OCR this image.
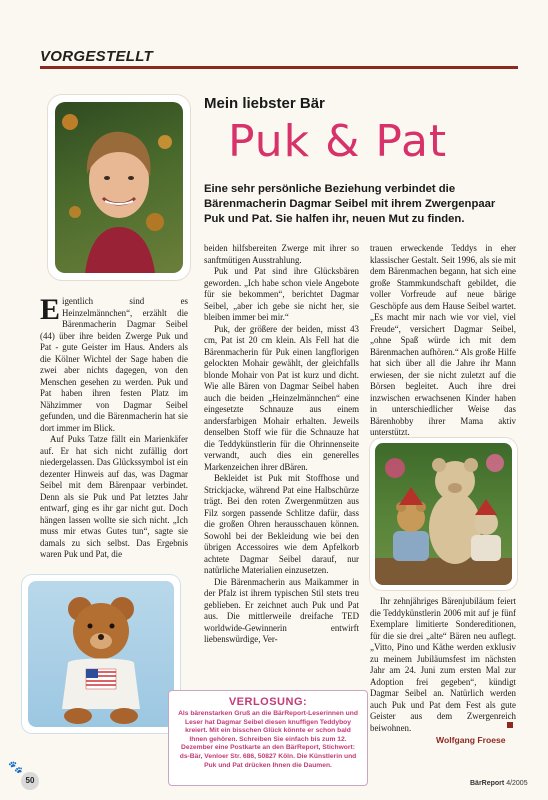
VORGESTELLT
Mein liebster Bär
Puk & Pat
Eine sehr persönliche Beziehung verbindet die Bärenmacherin Dagmar Seibel mit ihrem Zwergenpaar Puk und Pat. Sie halfen ihr, neuen Mut zu finden.
E igentlich sind es Heinzelmännchen“, erzählt die Bärenmacherin Dagmar Seibel (44) über ihre beiden Zwerge Puk und Pat - gute Geister im Haus. Anders als die Kölner Wichtel der Sage haben die zwei aber nichts dagegen, von den Menschen gesehen zu werden. Puk und Pat haben ihren festen Platz im Nähzimmer von Dagmar Seibel gefunden, und die Bärenmacherin hat sie dort immer im Blick.

Auf Puks Tatze fällt ein Marienkäfer auf. Er hat sich nicht zufällig dort niedergelassen. Das Glückssymbol ist ein dezenter Hinweis auf das, was Dagmar Seibel mit dem Bärenpaar verbindet. Denn als sie Puk und Pat letztes Jahr entwarf, ging es ihr gar nicht gut. Doch hängen lassen wollte sie sich nicht. „Ich muss mir etwas Gutes tun“, sagte sie damals zu sich selbst. Das Ergebnis waren Puk und Pat, die

beiden hilfsbereiten Zwerge mit ihrer so sanftmütigen Ausstrahlung.

Puk und Pat sind ihre Glücksbären geworden. „Ich habe schon viele Angebote für sie bekommen“, berichtet Dagmar Seibel, „aber ich gebe sie nicht her, sie bleiben immer bei mir.“

Puk, der größere der beiden, misst 43 cm, Pat ist 20 cm klein. Als Fell hat die Bärenmacherin für Puk einen langflorigen gelockten Mohair gewählt, der gleichfalls blonde Mohair von Pat ist kurz und dicht. Wie alle Bären von Dagmar Seibel haben auch die beiden „Heinzelmännchen“ eine eingesetzte Schnauze aus einem andersfarbigen Mohair erhalten. Jeweils denselben Stoff wie für die Schnauze hat die Teddykünstlerin für die Ohrinnenseite verwandt, auch dies ein generelles Markenzeichen ihrer dBären.

Bekleidet ist Puk mit Stoffhose und Strickjacke, während Pat eine Halbschürze trägt. Bei den roten Zwergenmützen aus Filz sorgen passende Schlitze dafür, dass die großen Ohren herausschauen können. Sowohl bei der Bekleidung wie bei den übrigen Accessoires wie dem Apfelkorb achtete Dagmar Seibel darauf, nur natürliche Materialien einzusetzen.

Die Bärenmacherin aus Maikammer in der Pfalz ist ihrem typischen Stil stets treu geblieben. Er zeichnet auch Puk und Pat aus. Die mittlerweile dreifache TED worldwide-Gewinnerin entwirft liebenswürdige, Ver-

trauen erweckende Teddys in eher klassischer Gestalt. Seit 1996, als sie mit dem Bärenmachen begann, hat sich eine große Stammkundschaft gebildet, die voller Vorfreude auf neue bärige Geschöpfe aus dem Hause Seibel wartet. „Es macht mir nach wie vor viel, viel Freude“, versichert Dagmar Seibel, „ohne Spaß würde ich mit dem Bärenmachen aufhören.“ Als große Hilfe hat sich über all die Jahre ihr Mann erwiesen, der sie nicht zuletzt auf die Börsen begleitet. Auch ihre drei inzwischen erwachsenen Kinder haben in unterschiedlicher Weise das Bärenhobby ihrer Mama aktiv unterstützt.

Ihr zehnjähriges Bärenjubiläum feiert die Teddykünstlerin 2006 mit auf je fünf Exemplare limitierte Sondereditionen, für die sie drei „alte“ Bären neu auflegt. „Vitto, Pino und Käthe werden exklusiv zu meinem Jubiläumsfest im nächsten Jahr am 24. Juni zum ersten Mal zur Adoption frei gegeben“, kündigt Dagmar Seibel an. Natürlich werden auch Puk und Pat dem Fest als gute Geister aus dem Zwergenreich beiwohnen.

Wolfgang Froese
VERLOSUNG:
Als bärenstarken Gruß an die BärReport-Leserinnen und Leser hat Dagmar Seibel diesen knuffigen Teddyboy kreiert. Mit ein bisschen Glück könnte er schon bald Ihnen gehören. Schreiben Sie einfach bis zum 12. Dezember eine Postkarte an den BärReport, Stichwort: ds-Bär, Venloer Str. 686, 50827 Köln. Die Künstlerin und Puk und Pat drücken Ihnen die Daumen.
🐾
50	BärReport 4/2005
